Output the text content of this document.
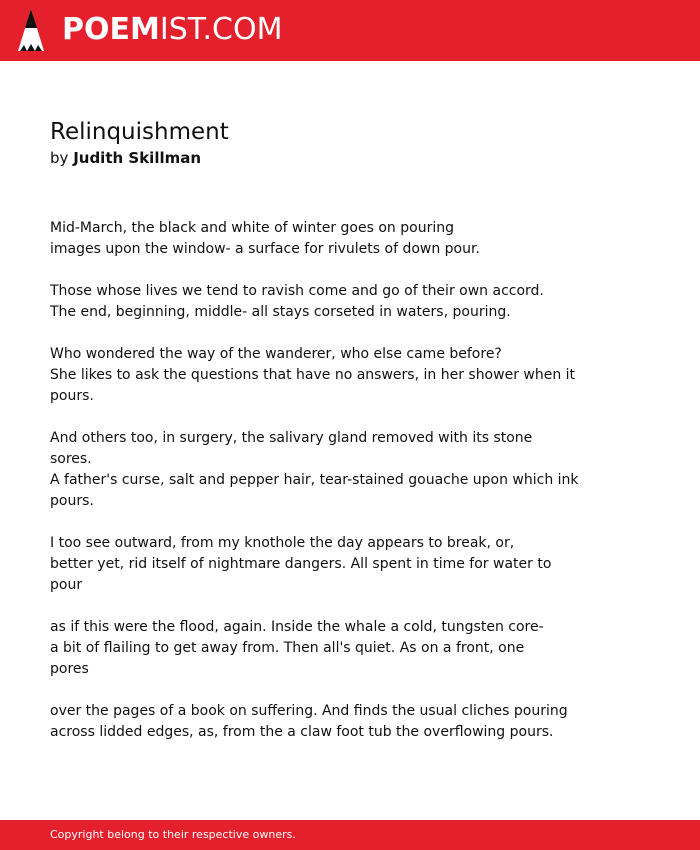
POEMIST.COM
Relinquishment

by Judith Skillman

Mid-March, the black and white of winter goes on pouring
images upon the window- a surface for rivulets of down pour.

Those whose lives we tend to ravish come and go of their own accord.
The end, beginning, middle- all stays corseted in waters, pouring.

Who wondered the way of the wanderer, who else came before?
She likes to ask the questions that have no answers, in her shower when it
pours.

And others too, in surgery, the salivary gland removed with its stone
sores.
A father's curse, salt and pepper hair, tear-stained gouache upon which ink
pours.

I too see outward, from my knothole the day appears to break, or,
better yet, rid itself of nightmare dangers. All spent in time for water to
pour

as if this were the flood, again. Inside the whale a cold, tungsten core-
a bit of flailing to get away from. Then all's quiet. As on a front, one
pores

over the pages of a book on suffering. And finds the usual cliches pouring
across lidded edges, as, from the a claw foot tub the overflowing pours.

Copyright belong to their respective owners.
